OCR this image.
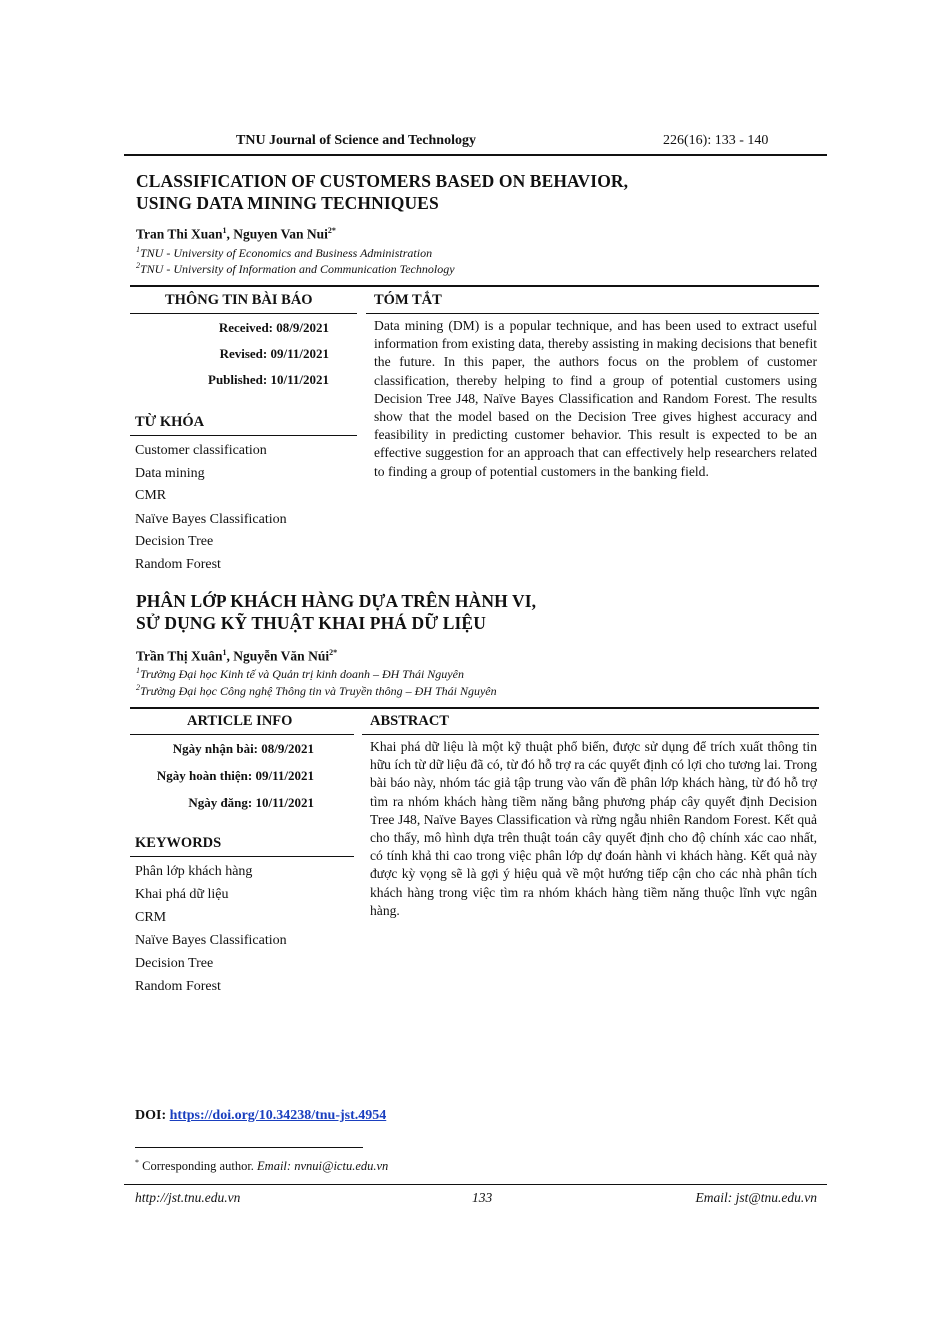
TNU Journal of Science and Technology	226(16): 133 - 140
CLASSIFICATION OF CUSTOMERS BASED ON BEHAVIOR,
USING DATA MINING TECHNIQUES
Tran Thi Xuan$^1$, Nguyen Van Nui$^{2*}$
$^1$TNU - University of Economics and Business Administration
$^2$TNU - University of Information and Communication Technology
THÔNG TIN BÀI BÁO	TÓM TẮT
Received: 08/9/2021
Revised: 09/11/2021
Published: 10/11/2021
TỪ KHÓA
Customer classification
Data mining
CMR
Naïve Bayes Classification
Decision Tree
Random Forest
Data mining (DM) is a popular technique, and has been used to extract useful information from existing data, thereby assisting in making decisions that benefit the future. In this paper, the authors focus on the problem of customer classification, thereby helping to find a group of potential customers using Decision Tree J48, Naïve Bayes Classification and Random Forest. The results show that the model based on the Decision Tree gives highest accuracy and feasibility in predicting customer behavior. This result is expected to be an effective suggestion for an approach that can effectively help researchers related to finding a group of potential customers in the banking field.
PHÂN LỚP KHÁCH HÀNG DỰA TRÊN HÀNH VI,
SỬ DỤNG KỸ THUẬT KHAI PHÁ DỮ LIỆU
Trần Thị Xuân$^1$, Nguyễn Văn Núi$^{2*}$
$^1$Trường Đại học Kinh tế và Quản trị kinh doanh – ĐH Thái Nguyên
$^2$Trường Đại học Công nghệ Thông tin và Truyền thông – ĐH Thái Nguyên
ARTICLE INFO	ABSTRACT
Ngày nhận bài: 08/9/2021
Ngày hoàn thiện: 09/11/2021
Ngày đăng: 10/11/2021
KEYWORDS
Phân lớp khách hàng
Khai phá dữ liệu
CRM
Naïve Bayes Classification
Decision Tree
Random Forest
Khai phá dữ liệu là một kỹ thuật phổ biến, được sử dụng để trích xuất thông tin hữu ích từ dữ liệu đã có, từ đó hỗ trợ ra các quyết định có lợi cho tương lai. Trong bài báo này, nhóm tác giả tập trung vào vấn đề phân lớp khách hàng, từ đó hỗ trợ tìm ra nhóm khách hàng tiềm năng bằng phương pháp cây quyết định Decision Tree J48, Naïve Bayes Classification và rừng ngẫu nhiên Random Forest. Kết quả cho thấy, mô hình dựa trên thuật toán cây quyết định cho độ chính xác cao nhất, có tính khả thi cao trong việc phân lớp dự đoán hành vi khách hàng. Kết quả này được kỳ vọng sẽ là gợi ý hiệu quả về một hướng tiếp cận cho các nhà phân tích khách hàng trong việc tìm ra nhóm khách hàng tiềm năng thuộc lĩnh vực ngân hàng.
DOI: https://doi.org/10.34238/tnu-jst.4954
* Corresponding author. Email: nvnui@ictu.edu.vn
http://jst.tnu.edu.vn	133	Email: jst@tnu.edu.vn
